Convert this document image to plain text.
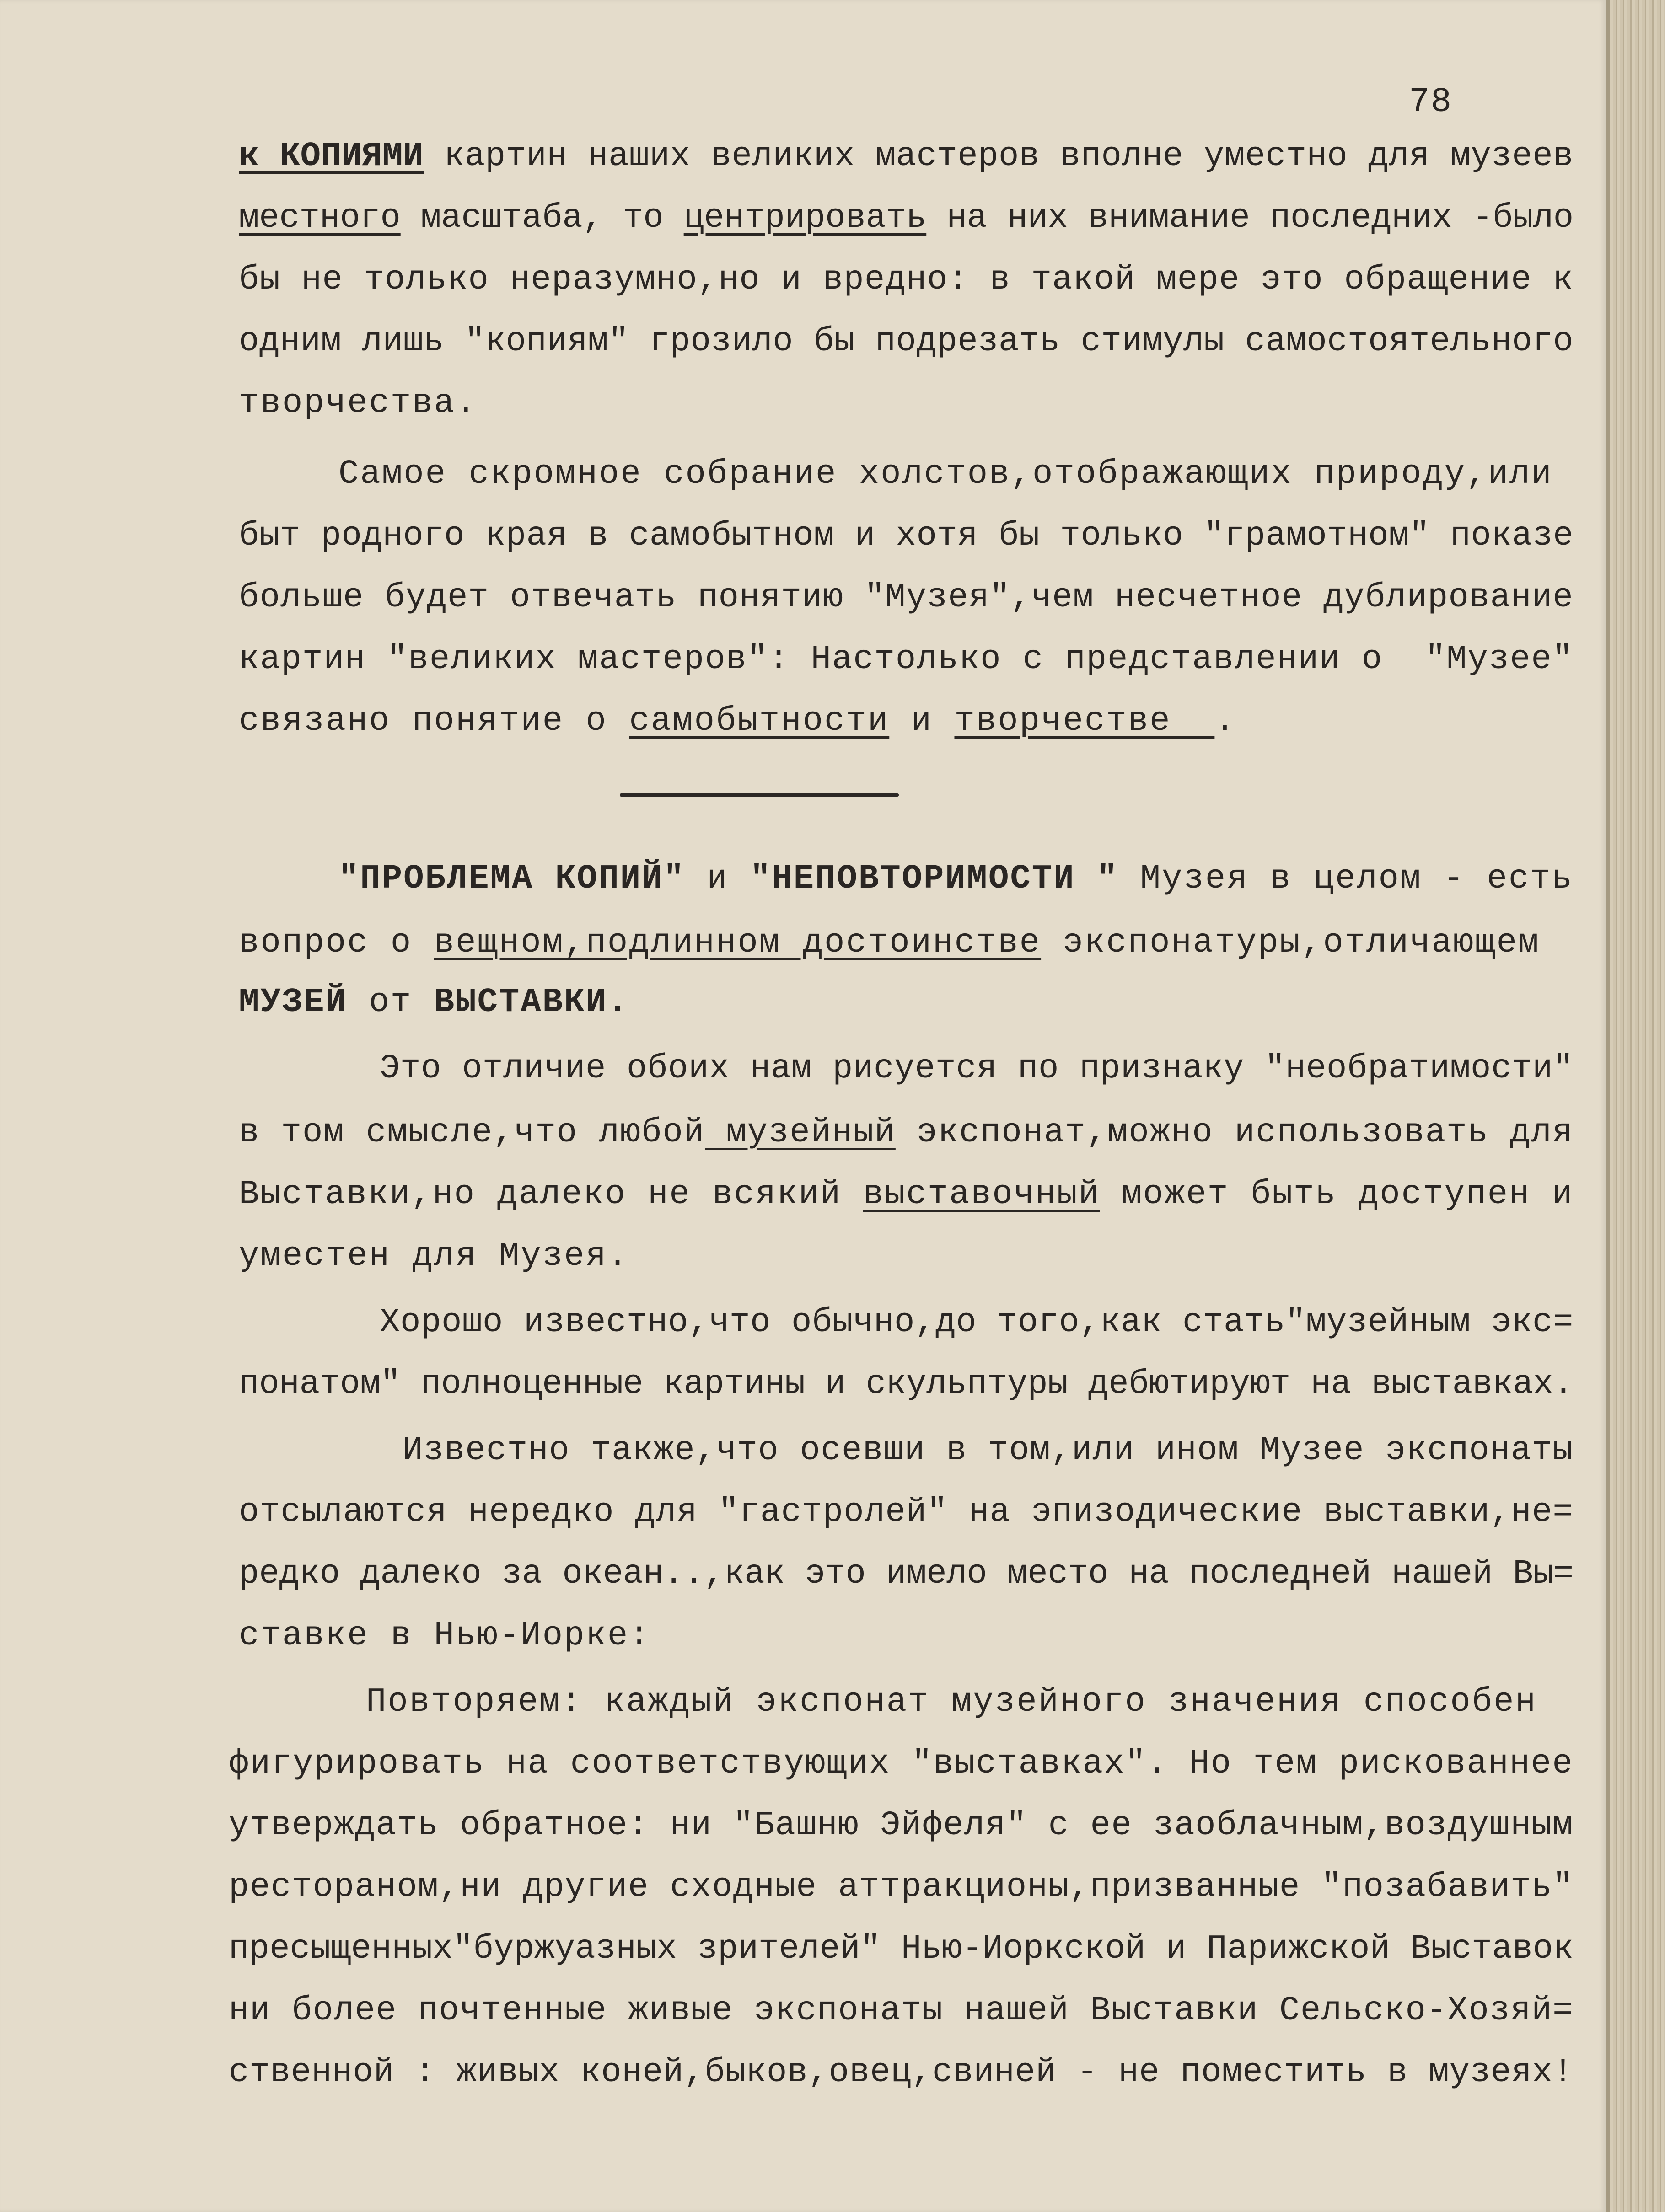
78
к КОПИЯМИ картин наших великих мастеров вполне уместно для музеев
местного масштаба, то центрировать на них внимание последних -было
бы не только неразумно,но и вредно: в такой мере это обращение к
одним лишь "копиям" грозило бы подрезать стимулы самостоятельного
творчества.
Самое скромное собрание холстов,отображающих природу,или
быт родного края в самобытном и хотя бы только "грамотном" показе
больше будет отвечать понятию "Музея",чем несчетное дублирование
картин "великих мастеров": Настолько с представлении о  "Музее"
связано понятие о самобытности и творчестве  .
"ПРОБЛЕМА КОПИЙ" и "НЕПОВТОРИМОСТИ " Музея в целом - есть
вопрос о вещном,подлинном достоинстве экспонатуры,отличающем
МУЗЕЙ от ВЫСТАВКИ.
Это отличие обоих нам рисуется по признаку "необратимости"
в том смысле,что любой музейный экспонат,можно использовать для
Выставки,но далеко не всякий выставочный может быть доступен и
уместен для Музея.
Хорошо известно,что обычно,до того,как стать"музейным экс=
понатом" полноценные картины и скульптуры дебютируют на выставках.
Известно также,что осевши в том,или ином Музее экспонаты
отсылаются нередко для "гастролей" на эпизодические выставки,не=
редко далеко за океан..,как это имело место на последней нашей Вы=
ставке в Нью-Иорке:
Повторяем: каждый экспонат музейного значения способен
фигурировать на соответствующих "выставках". Но тем рискованнее
утверждать обратное: ни "Башню Эйфеля" с ее заоблачным,воздушным
рестораном,ни другие сходные аттракционы,призванные "позабавить"
пресыщенных"буржуазных зрителей" Нью-Иоркской и Парижской Выставок
ни более почтенные живые экспонаты нашей Выставки Сельско-Хозяй=
ственной : живых коней,быков,овец,свиней - не поместить в музеях!
